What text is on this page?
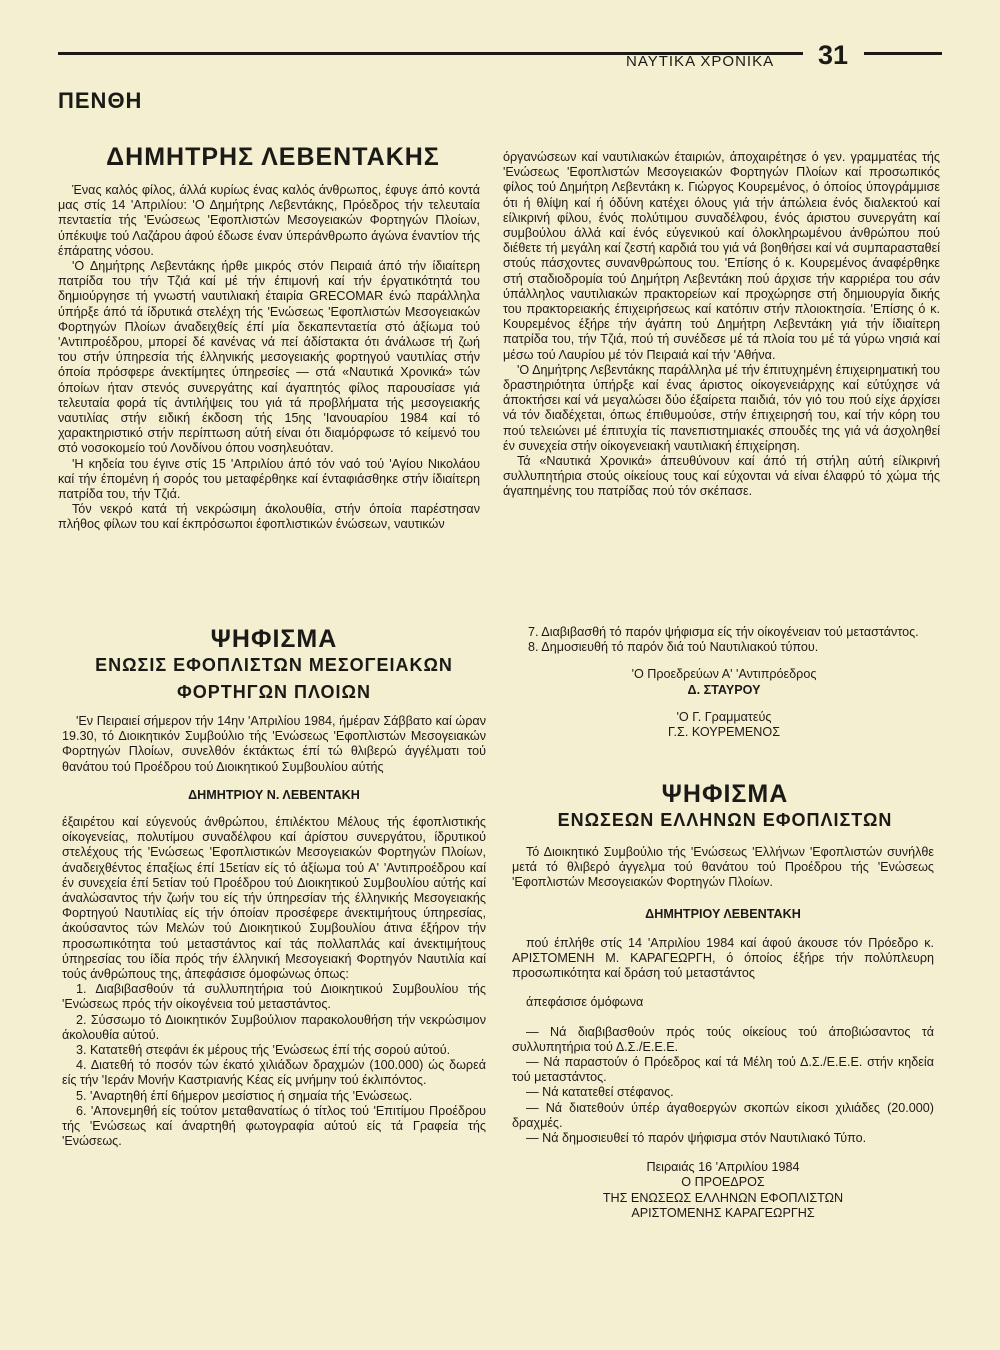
ΝΑΥΤΙΚΑ ΧΡΟΝΙΚΑ 31
ΠΕΝΘΗ
ΔΗΜΗΤΡΗΣ ΛΕΒΕΝΤΑΚΗΣ

Ένας καλός φίλος, άλλά κυρίως ένας καλός άνθρωπος, έφυγε άπό κοντά μας στίς 14 'Απριλίου: 'Ο Δημήτρης Λεβεντάκης, Πρόεδρος τήν τελευταία πενταετία τής 'Ενώσεως 'Εφοπλιστών Μεσογειακών Φορτηγών Πλοίων, ύπέκυψε τού Λαζάρου άφού έδωσε έναν ύπεράνθρωπο άγώνα έναντίον τής έπάρατης νόσου.

'Ο Δημήτρης Λεβεντάκης ήρθε μικρός στόν Πειραιά άπό τήν ίδιαίτερη πατρίδα του τήν Τζιά καί μέ τήν έπιμονή καί τήν έργατικότητά του δημιούργησε τή γνωστή ναυτιλιακή έταιρία GRECOMAR ένώ παράλληλα ύπήρξε άπό τά ίδρυτικά στελέχη τής 'Ενώσεως 'Εφοπλιστών Μεσογειακών Φορτηγών Πλοίων άναδειχθείς έπί μία δεκαπενταετία στό άξίωμα τού 'Αντιπροέδρου, μπορεί δέ κανένας νά πεί άδίστακτα ότι άνάλωσε τή ζωή του στήν ύπηρεσία τής έλληνικής μεσογειακής φορτηγού ναυτιλίας στήν όποία πρόσφερε άνεκτίμητες ύπηρεσίες — στά «Ναυτικά Χρονικά» τών όποίων ήταν στενός συνεργάτης καί άγαπητός φίλος παρουσίασε γιά τελευταία φορά τίς άντιλήψεις του γιά τά προβλήματα τής μεσογειακής ναυτιλίας στήν ειδική έκδοση τής 15ης 'Ιανουαρίου 1984 καί τό χαρακτηριστικό στήν περίπτωση αύτή είναι ότι διαμόρφωσε τό κείμενό του στό νοσοκομείο τού Λονδίνου όπου νοσηλευόταν.

'Η κηδεία του έγινε στίς 15 'Απριλίου άπό τόν ναό τού 'Αγίου Νικολάου καί τήν έπομένη ή σορός του μεταφέρθηκε καί ένταφιάσθηκε στήν ίδιαίτερη πατρίδα του, τήν Τζιά.

Τόν νεκρό κατά τή νεκρώσιμη άκολουθία, στήν όποία παρέστησαν πλήθος φίλων του καί έκπρόσωποι έφοπλιστικών ένώσεων, ναυτικών

όργανώσεων καί ναυτιλιακών έταιριών, άποχαιρέτησε ό γεν. γραμματέας τής 'Ενώσεως 'Εφοπλιστών Μεσογειακών Φορτηγών Πλοίων καί προσωπικός φίλος τού Δημήτρη Λεβεντάκη κ. Γιώργος Κουρεμένος, ό όποίος ύπογράμμισε ότι ή θλίψη καί ή όδύνη κατέχει όλους γιά τήν άπώλεια ένός διαλεκτού καί είλικρινή φίλου, ένός πολύτιμου συναδέλφου, ένός άριστου συνεργάτη καί συμβούλου άλλά καί ένός εύγενικού καί όλοκληρωμένου άνθρώπου πού διέθετε τή μεγάλη καί ζεστή καρδιά του γιά νά βοηθήσει καί νά συμπαρασταθεί στούς πάσχοντες συνανθρώπους του. 'Επίσης ό κ. Κουρεμένος άναφέρθηκε στή σταδιοδρομία τού Δημήτρη Λεβεντάκη πού άρχισε τήν καρριέρα του σάν ύπάλληλος ναυτιλιακών πρακτορείων καί προχώρησε στή δημιουργία δικής του πρακτορειακής έπιχειρήσεως καί κατόπιν στήν πλοιοκτησία. 'Επίσης ό κ. Κουρεμένος έξήρε τήν άγάπη τού Δημήτρη Λεβεντάκη γιά τήν ίδιαίτερη πατρίδα του, τήν Τζιά, πού τή συνέδεσε μέ τά πλοία του μέ τά γύρω νησιά καί μέσω τού Λαυρίου μέ τόν Πειραιά καί τήν 'Αθήνα.

'Ο Δημήτρης Λεβεντάκης παράλληλα μέ τήν έπιτυχημένη έπιχειρηματική του δραστηριότητα ύπήρξε καί ένας άριστος οίκογενειάρχης καί εύτύχησε νά άποκτήσει καί νά μεγαλώσει δύο έξαίρετα παιδιά, τόν γιό του πού είχε άρχίσει νά τόν διαδέχεται, όπως έπιθυμούσε, στήν έπιχειρησή του, καί τήν κόρη του πού τελειώνει μέ έπιτυχία τίς πανεπιστημιακές σπουδές της γιά νά άσχοληθεί έν συνεχεία στήν οίκογενειακή ναυτιλιακή έπιχείρηση.

Τά «Ναυτικά Χρονικά» άπευθύνουν καί άπό τή στήλη αύτή είλικρινή συλλυπητήρια στούς οίκείους τους καί εύχονται νά είναι έλαφρύ τό χώμα τής άγαπημένης του πατρίδας πού τόν σκέπασε.

ΨΗΦΙΣΜΑ
ΕΝΩΣΙΣ ΕΦΟΠΛΙΣΤΩΝ ΜΕΣΟΓΕΙΑΚΩΝ
ΦΟΡΤΗΓΩΝ ΠΛΟΙΩΝ

'Εν Πειραιεί σήμερον τήν 14ην 'Απριλίου 1984, ήμέραν Σάββατο καί ώραν 19.30, τό Διοικητικόν Συμβούλιο τής 'Ενώσεως 'Εφοπλιστών Μεσογειακών Φορτηγών Πλοίων, συνελθόν έκτάκτως έπί τώ θλιβερώ άγγέλματι τού θανάτου τού Προέδρου τού Διοικητικού Συμβουλίου αύτής

ΔΗΜΗΤΡΙΟΥ Ν. ΛΕΒΕΝΤΑΚΗ

έξαιρέτου καί εύγενούς άνθρώπου, έπιλέκτου Μέλους τής έφοπλιστικής οίκογενείας, πολυτίμου συναδέλφου καί άρίστου συνεργάτου, ίδρυτικού στελέχους τής 'Ενώσεως 'Εφοπλιστικών Μεσογειακών Φορτηγών Πλοίων, άναδειχθέντος έπαξίως έπί 15ετίαν είς τό άξίωμα τού Α' 'Αντιπροέδρου καί έν συνεχεία έπί 5ετίαν τού Προέδρου τού Διοικητικού Συμβουλίου αύτής καί άναλώσαντος τήν ζωήν του είς τήν ύπηρεσίαν τής έλληνικής Μεσογειακής Φορτηγού Ναυτιλίας είς τήν όποίαν προσέφερε άνεκτιμήτους ύπηρεσίας, άκούσαντος τών Μελών τού Διοικητικού Συμβουλίου άτινα έξήρον τήν προσωπικότητα τού μεταστάντος καί τάς πολλαπλάς καί άνεκτιμήτους ύπηρεσίας του ίδία πρός τήν έλληνική Μεσογειακή Φορτηγόν Ναυτιλία καί τούς άνθρώπους της, άπεφάσισε όμοφώνως όπως:

1. Διαβιβασθούν τά συλλυπητήρια τού Διοικητικού Συμβουλίου τής 'Ενώσεως πρός τήν οίκογένεια τού μεταστάντος.

2. Σύσσωμο τό Διοικητικόν Συμβούλιον παρακολουθήση τήν νεκρώσιμον άκολουθία αύτού.

3. Κατατεθή στεφάνι έκ μέρους τής 'Ενώσεως έπί τής σορού αύτού.

4. Διατεθή τό ποσόν τών έκατό χιλιάδων δραχμών (100.000) ώς δωρεά είς τήν 'Ιεράν Μονήν Καστριανής Κέας είς μνήμην τού έκλιπόντος.

5. 'Αναρτηθή έπί 6ήμερον μεσίστιος ή σημαία τής 'Ενώσεως.

6. 'Απονεμηθή είς τούτον μεταθανατίως ό τίτλος τού 'Επιτίμου Προέδρου τής 'Ενώσεως καί άναρτηθή φωτογραφία αύτού είς τά Γραφεία τής 'Ενώσεως.

7. Διαβιβασθή τό παρόν ψήφισμα είς τήν οίκογένειαν τού μεταστάντος.

8. Δημοσιευθή τό παρόν διά τού Ναυτιλιακού τύπου.

'Ο Προεδρεύων Α' 'Αντιπρόεδρος

Δ. ΣΤΑΥΡΟΥ

'Ο Γ. Γραμματεύς

Γ.Σ. ΚΟΥΡΕΜΕΝΟΣ

ΨΗΦΙΣΜΑ
ΕΝΩΣΕΩΝ ΕΛΛΗΝΩΝ ΕΦΟΠΛΙΣΤΩΝ

Τό Διοικητικό Συμβούλιο τής 'Ενώσεως 'Ελλήνων 'Εφοπλιστών συνήλθε μετά τό θλιβερό άγγελμα τού θανάτου τού Προέδρου τής 'Ενώσεως 'Εφοπλιστών Μεσογειακών Φορτηγών Πλοίων.

ΔΗΜΗΤΡΙΟΥ ΛΕΒΕΝΤΑΚΗ

πού έπλήθε στίς 14 'Απριλίου 1984 καί άφού άκουσε τόν Πρόεδρο κ. ΑΡΙΣΤΟΜΕΝΗ Μ. ΚΑΡΑΓΕΩΡΓΗ, ό όποίος έξήρε τήν πολύπλευρη προσωπικότητα καί δράση τού μεταστάντος

άπεφάσισε όμόφωνα

— Νά διαβιβασθούν πρός τούς οίκείους τού άποβιώσαντος τά συλλυπητήρια τού Δ.Σ./Ε.Ε.Ε.

— Νά παραστούν ό Πρόεδρος καί τά Μέλη τού Δ.Σ./Ε.Ε.Ε. στήν κηδεία τού μεταστάντος.

— Νά κατατεθεί στέφανος.

— Νά διατεθούν ύπέρ άγαθοεργών σκοπών είκοσι χιλιάδες (20.000) δραχμές.

— Νά δημοσιευθεί τό παρόν ψήφισμα στόν Ναυτιλιακό Τύπο.

Πειραιάς 16 'Απριλίου 1984

Ο ΠΡΟΕΔΡΟΣ

ΤΗΣ ΕΝΩΣΕΩΣ ΕΛΛΗΝΩΝ ΕΦΟΠΛΙΣΤΩΝ

ΑΡΙΣΤΟΜΕΝΗΣ ΚΑΡΑΓΕΩΡΓΗΣ
